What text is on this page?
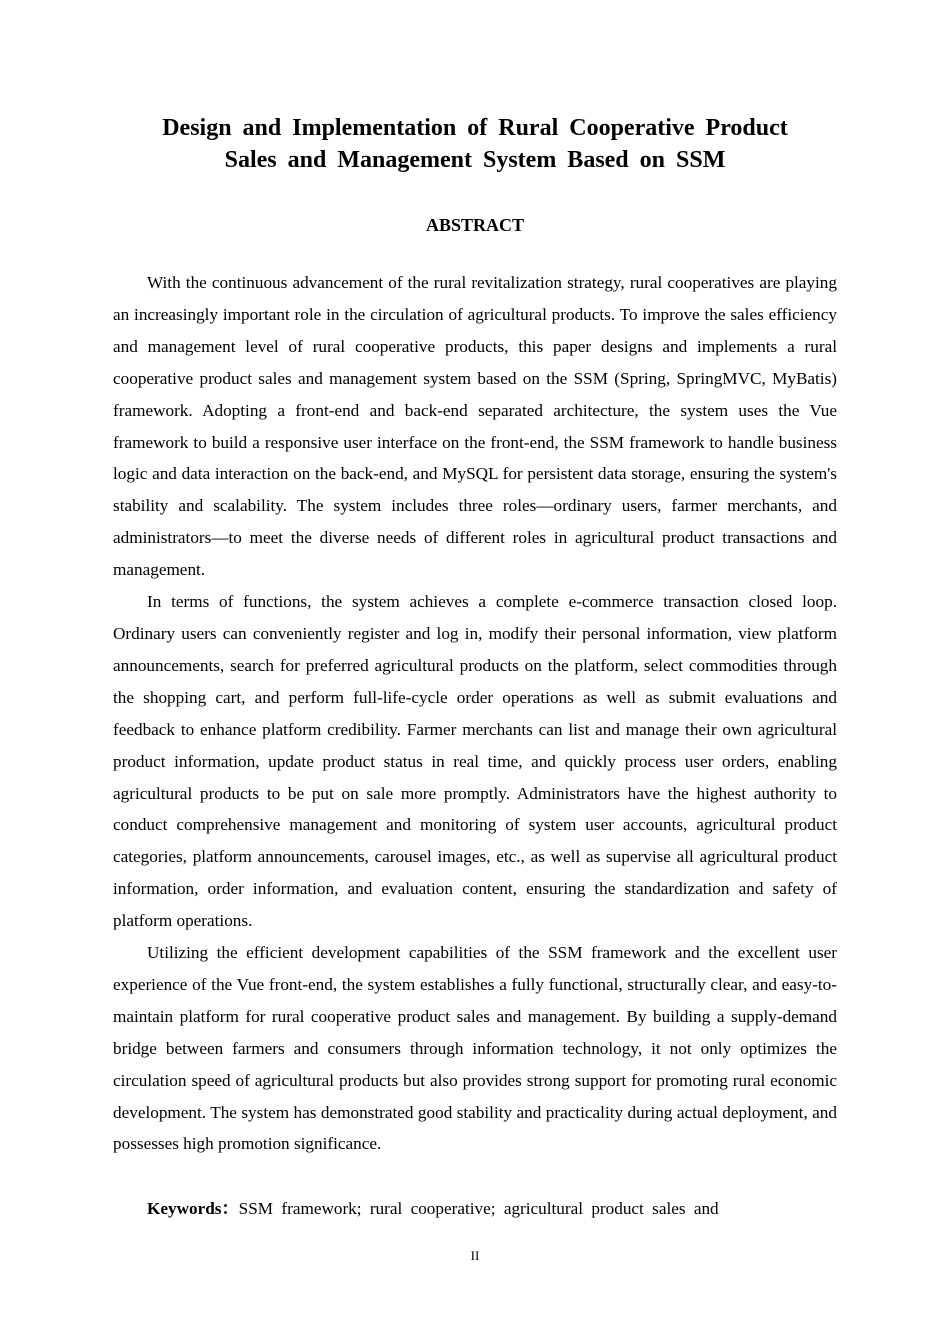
Design and Implementation of Rural Cooperative Product
Sales and Management System Based on SSM
ABSTRACT

With the continuous advancement of the rural revitalization strategy, rural cooperatives are playing an increasingly important role in the circulation of agricultural products. To improve the sales efficiency and management level of rural cooperative products, this paper designs and implements a rural cooperative product sales and management system based on the SSM (Spring, SpringMVC, MyBatis) framework. Adopting a front-end and back-end separated architecture, the system uses the Vue framework to build a responsive user interface on the front-end, the SSM framework to handle business logic and data interaction on the back-end, and MySQL for persistent data storage, ensuring the system's stability and scalability. The system includes three roles—ordinary users, farmer merchants, and administrators—to meet the diverse needs of different roles in agricultural product transactions and management.

In terms of functions, the system achieves a complete e-commerce transaction closed loop. Ordinary users can conveniently register and log in, modify their personal information, view platform announcements, search for preferred agricultural products on the platform, select commodities through the shopping cart, and perform full-life-cycle order operations as well as submit evaluations and feedback to enhance platform credibility. Farmer merchants can list and manage their own agricultural product information, update product status in real time, and quickly process user orders, enabling agricultural products to be put on sale more promptly. Administrators have the highest authority to conduct comprehensive management and monitoring of system user accounts, agricultural product categories, platform announcements, carousel images, etc., as well as supervise all agricultural product information, order information, and evaluation content, ensuring the standardization and safety of platform operations.

Utilizing the efficient development capabilities of the SSM framework and the excellent user experience of the Vue front-end, the system establishes a fully functional, structurally clear, and easy-to-maintain platform for rural cooperative product sales and management. By building a supply-demand bridge between farmers and consumers through information technology, it not only optimizes the circulation speed of agricultural products but also provides strong support for promoting rural economic development. The system has demonstrated good stability and practicality during actual deployment, and possesses high promotion significance.

Keywords：SSM framework; rural cooperative; agricultural product sales and

II
